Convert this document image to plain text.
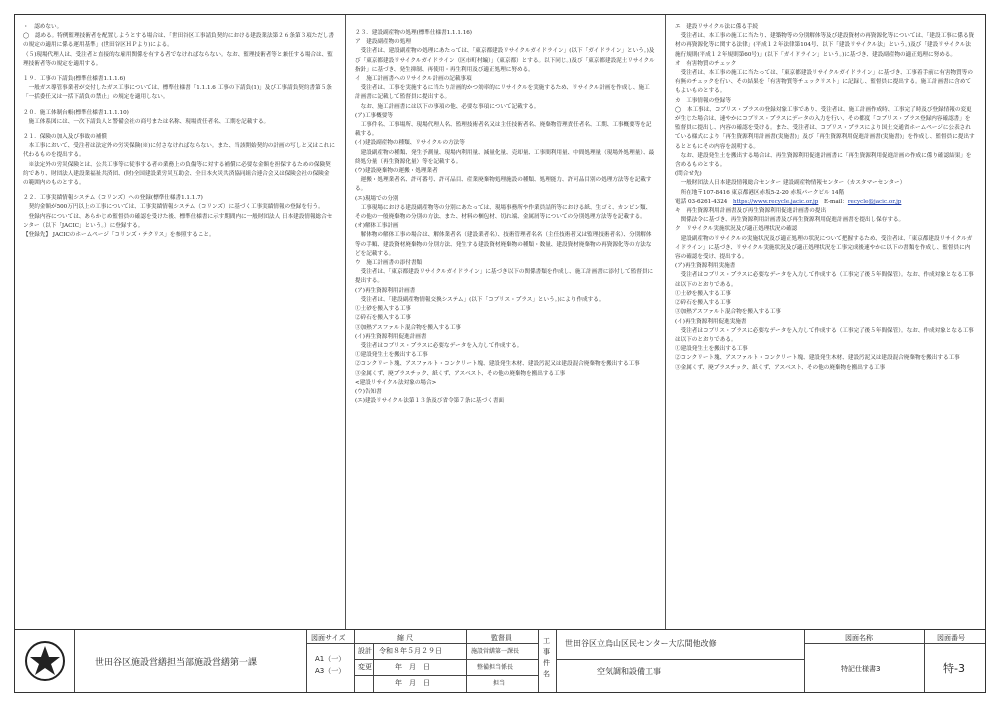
・　認めない。

◯　認める。特例監理技術者を配置しようとする場合は、「世田谷区工事請負契約における建設業法第２６条第３項ただし書の規定の適用に係る運用基準」(世田谷区ＨＰより)による。

（５)現場代理人は、受注者と直接的な雇用関係を有する者でなければならない。なお、監理技術者等と兼任する場合は、監理技術者等の規定を適用する。

１９．工事の下請負(標準仕様書1.1.1.6)

一般ガス導管事業者が交付したガス工事については、標準仕様書「1.1.1.6 工事の下請負(1)」及び工事請負契約書第５条「一括委任又は一括下請負の禁止」の規定を適用しない。

２０．施工体制台帳(標準仕様書1.1.1.10)

施工体系図には、一次下請負人と警備会社の商号または名称、現場責任者名、工期を記載する。

２１．保険の加入及び事故の補償

本工事において、受注者は法定外の労災保険(※)に付さなければならない。また、当該開始契約の計画の写しと又はこれに代わるものを提出する。

※法定外の労災保険とは、公共工事等に従事する者の業務上の負傷等に対する補償に必要な金額を担保するための保険契約であり、財団法人建設業福祉共済団、(財)全国建設業労災互助会、全日本火災共済協同組合連合会又は保険会社の保険金の範囲内のものとする。

２２．工事実績情報システム（コリンズ）への登録(標準仕様書1.1.1.7)

契約金額が500万円以上の工事については、工事実績情報システム（コリンズ）に基づく工事実績情報の登録を行う。

登録内容については、あらかじめ監督員の確認を受けた後、標準仕様書に示す期間内に一般財団法人 日本建設情報総合センター（以下「JACIC」という。）に登録する。

【登録先】 JACICのホームページ「コリンズ・テクリス」を参照すること。

２３．建設副産物の処理(標準仕様書1.1.1.16)

ア　建設副産物の処理

受注者は、建設副産物の処理にあたっては、「東京都建設リサイクルガイドライン」(以下「ガイドライン」という。)及び「東京都建設リサイクルガイドライン（区市町村編）」（東京都）とする。以下同じ。)及び「東京都建設泥土リサイクル指針」に基づき、発生抑制、再使用・再生利用及び適正処理に努める。

イ　施工計画書へのリサイクル計画の記載事項

受注者は、工事を実施するに当たり計画的かつ効率的にリサイクルを実施するため、リサイクル計画を作成し、施工計画書に記載して監督員に提出する。

なお、施工計画書には以下の事項の他、必要な事項について記載する。

(ア)工事概要等

工事件名、工事場所、現場代理人名、監理技術者名又は主任技術者名、廃棄物管理責任者名、工期、工事概要等を記載する。

(イ)建設副産物の種類、リサイクルの方法等

建設副産物の種類、発生予測量、現場内利用量、減量化量、売却量、工事間利用量、中間処理量（現場外処理量）、最終処分量（再生資源化量）等を記載する。

(ウ)建設廃棄物の運搬・処理業者

運搬・処理業者名、許可番号、許可品目、産業廃棄物処理施設の種類、処理能力、許可品目別の処理方法等を記載する。

(エ)現場での分別

工事現場における建設副産物等の分別にあたっては、現場事務所や作業員詰所等における紙、生ゴミ、カンビン類、その他の一般廃棄物の分別の方法、また、材料の梱包材、切れ端、金属屑等についての分別処理方法等を記載する。

(オ)解体工事計画

解体物の解体工事の場合は、解体業者名（建設業者名）、技術管理者名名（主任技術者又は監理技術者名）、分別解体等の手順、建設資材廃棄物の分別方法、発生する建設資材廃棄物の種類・数量、建設資材廃棄物の再資源化等の方法などを記載する。

ウ　施工計画書の添付書類

受注者は、「東京都建設リサイクルガイドライン」に基づき以下の関係書類を作成し、施工計画書に添付して監督員に提出する。

(ア)再生資源利用計画書

受注者は、「建設副産物情報交換システム」(以下「コブリス・プラス」という。)により作成する。

①土砂を搬入する工事

②砕石を搬入する工事

③加熱アスファルト混合物を搬入する工事

(イ)再生資源利用促進計画書

受注者はコブリス・プラスに必要なデータを入力して作成する。

①建設発生土を搬出する工事

②コンクリート塊、アスファルト・コンクリート塊、建設発生木材、建設汚泥又は建設混合廃棄物を搬出する工事

③金属くず、廃プラスチック、紙くず、アスベスト、その他の廃棄物を搬出する工事

<建設リサイクル法対象の場合>

(ウ)告知書

(エ)建設リサイクル法第１３条及び省令第７条に基づく書面

エ　建設リサイクル法に係る手続

受注者は、本工事の施工に当たり、建築物等の分別解体等及び建設資材の再資源化等については、「建設工事に係る資材の再資源化等に関する法律」(平成１２年法律第104号、以下「建設リサイクル法」という。)及び「建設リサイクル法施行規則(平成１２年規則第60号)」(以下「ガイドライン」という。)に基づき、建設副産物の適正処理に努める。

オ　有害物質のチェック

受注者は、本工事の施工に当たっては、「東京都建設リサイクルガイドライン」に基づき、工事着手前に有害物質等の有無のチェックを行い、その結果を「有害物質等チェックリスト」に記録し、監督員に提出する。施工計画書に含めてもよいものとする。

カ　工事情報の登録等

◯　本工事は、コブリス・プラスの登録対象工事であり、受注者は、施工計画作成時、工事完了時及び登録情報の変更が生じた場合は、速やかにコブリス・プラスにデータの入力を行い、その都度「コブリス・プラス登録内容確認書」を監督員に提出し、内容の確認を受ける。また、受注者は、コブリス・プラスにより国土交通省ホームページに公表されている様式により「再生資源利用計画書(実施書)」及び「再生資源利用促進計画書(実施書)」を作成し、監督員に提出するとともにその内容を説明する。

なお、建設発生土を搬出する場合は、再生資源利用促進計画書に「再生資源利用促進計画の作成に係り確認結果」を含めるものとする。

(問合せ先)

一般財団法人日本建設情報総合センター 建設副産物情報センター（カスタマーセンター）

所在地〒107-8416 東京都港区赤坂5-2-20 赤坂パークビル 14階

電話 03-6261-4324　 https://www.recycle.jacic.or.jp　 E-mail：recycle@jacic.or.jp

キ　再生資源利用計画書及び再生資源利用促進計画書の提出

関係法令に基づき、再生資源利用計画書及び再生資源利用促進計画書を提出し保存する。

ク　リサイクル実施状況及び適正処理状況の確認

建設副産物のリサイクルの実施状況及び適正処理の状況について把握するため、受注者は、「東京都建設リサイクルガイドライン」に基づき、リサイクル実施状況及び適正処理状況を工事完成後速やかに以下の書類を作成し、監督員に内容の確認を受け、提出する。

(ア)再生資源利用実施書

受注者はコブリス・プラスに必要なデータを入力して作成する（工事完了後５年間保管）。なお、作成対象となる工事は以下のとおりである。

①土砂を搬入する工事

②砕石を搬入する工事

③加熱アスファルト混合物を搬入する工事

(イ)再生資源利用促進実施書

受注者はコブリス・プラスに必要なデータを入力して作成する（工事完了後５年間保管）。なお、作成対象となる工事は以下のとおりである。

①建設発生土を搬出する工事

②コンクリート塊、アスファルト・コンクリート塊、建設発生木材、建設汚泥又は建設混合廃棄物を搬出する工事

③金属くず、廃プラスチック、紙くず、アスベスト、その他の廃棄物を搬出する工事

世田谷区施設営繕担当部施設営繕第一課
図面サイズ
A1（一）
A3（一）
縮 尺
設計 令和８年５月２９日
変更	年　月　日
年　月　日
監督員
施設営繕第一課長
整備担当係長
担当
工事件名
世田谷区立烏山区民センター大広間他改修
空気調和設備工事
図面名称
特記仕様書3
図面番号
特-3
